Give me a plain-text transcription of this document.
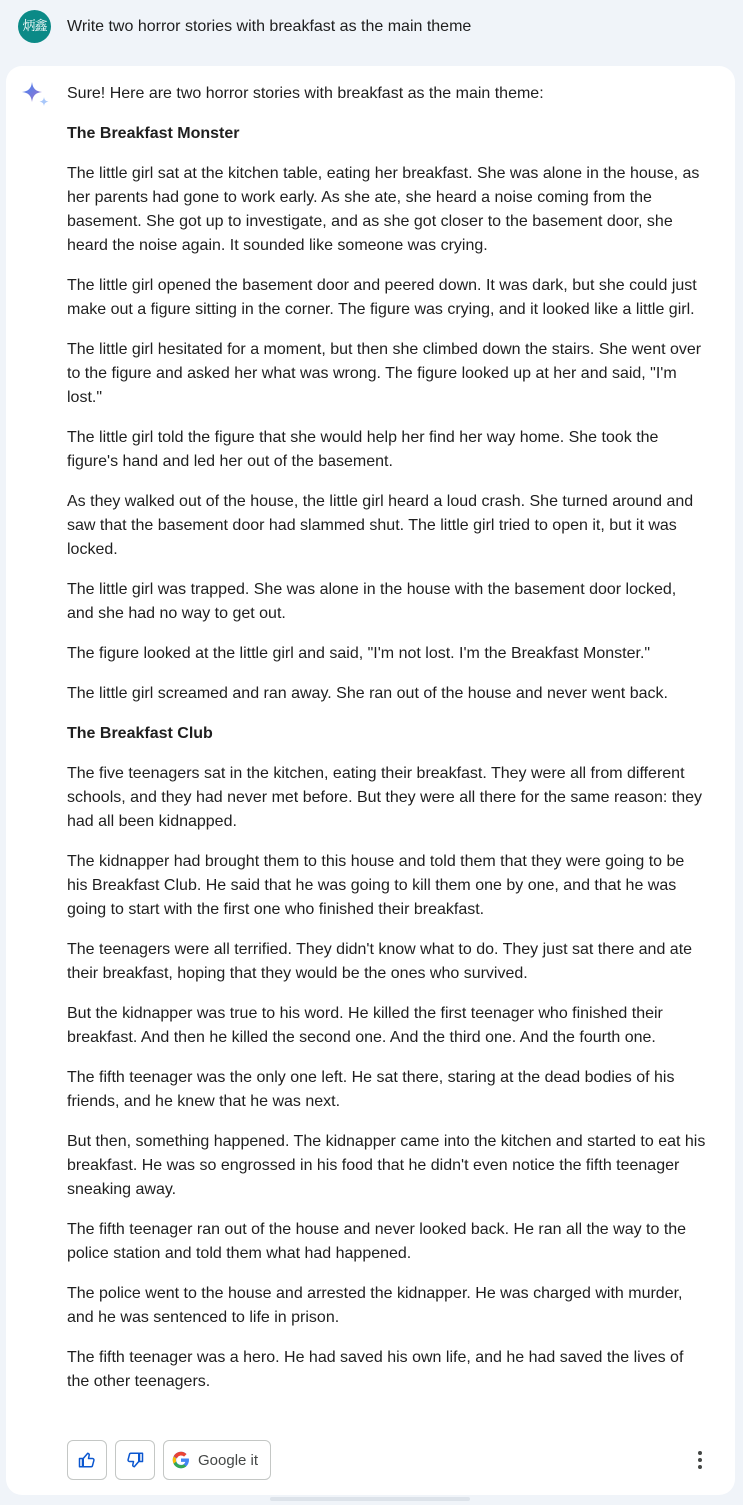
炳鑫 Write two horror stories with breakfast as the main theme

Sure! Here are two horror stories with breakfast as the main theme:

The Breakfast Monster

The little girl sat at the kitchen table, eating her breakfast. She was alone in the house, as her parents had gone to work early. As she ate, she heard a noise coming from the basement. She got up to investigate, and as she got closer to the basement door, she heard the noise again. It sounded like someone was crying.

The little girl opened the basement door and peered down. It was dark, but she could just make out a figure sitting in the corner. The figure was crying, and it looked like a little girl.

The little girl hesitated for a moment, but then she climbed down the stairs. She went over to the figure and asked her what was wrong. The figure looked up at her and said, "I'm lost."

The little girl told the figure that she would help her find her way home. She took the figure's hand and led her out of the basement.

As they walked out of the house, the little girl heard a loud crash. She turned around and saw that the basement door had slammed shut. The little girl tried to open it, but it was locked.

The little girl was trapped. She was alone in the house with the basement door locked, and she had no way to get out.

The figure looked at the little girl and said, "I'm not lost. I'm the Breakfast Monster."

The little girl screamed and ran away. She ran out of the house and never went back.

The Breakfast Club

The five teenagers sat in the kitchen, eating their breakfast. They were all from different schools, and they had never met before. But they were all there for the same reason: they had all been kidnapped.

The kidnapper had brought them to this house and told them that they were going to be his Breakfast Club. He said that he was going to kill them one by one, and that he was going to start with the first one who finished their breakfast.

The teenagers were all terrified. They didn't know what to do. They just sat there and ate their breakfast, hoping that they would be the ones who survived.

But the kidnapper was true to his word. He killed the first teenager who finished their breakfast. And then he killed the second one. And the third one. And the fourth one.

The fifth teenager was the only one left. He sat there, staring at the dead bodies of his friends, and he knew that he was next.

But then, something happened. The kidnapper came into the kitchen and started to eat his breakfast. He was so engrossed in his food that he didn't even notice the fifth teenager sneaking away.

The fifth teenager ran out of the house and never looked back. He ran all the way to the police station and told them what had happened.

The police went to the house and arrested the kidnapper. He was charged with murder, and he was sentenced to life in prison.

The fifth teenager was a hero. He had saved his own life, and he had saved the lives of the other teenagers.

Google it
